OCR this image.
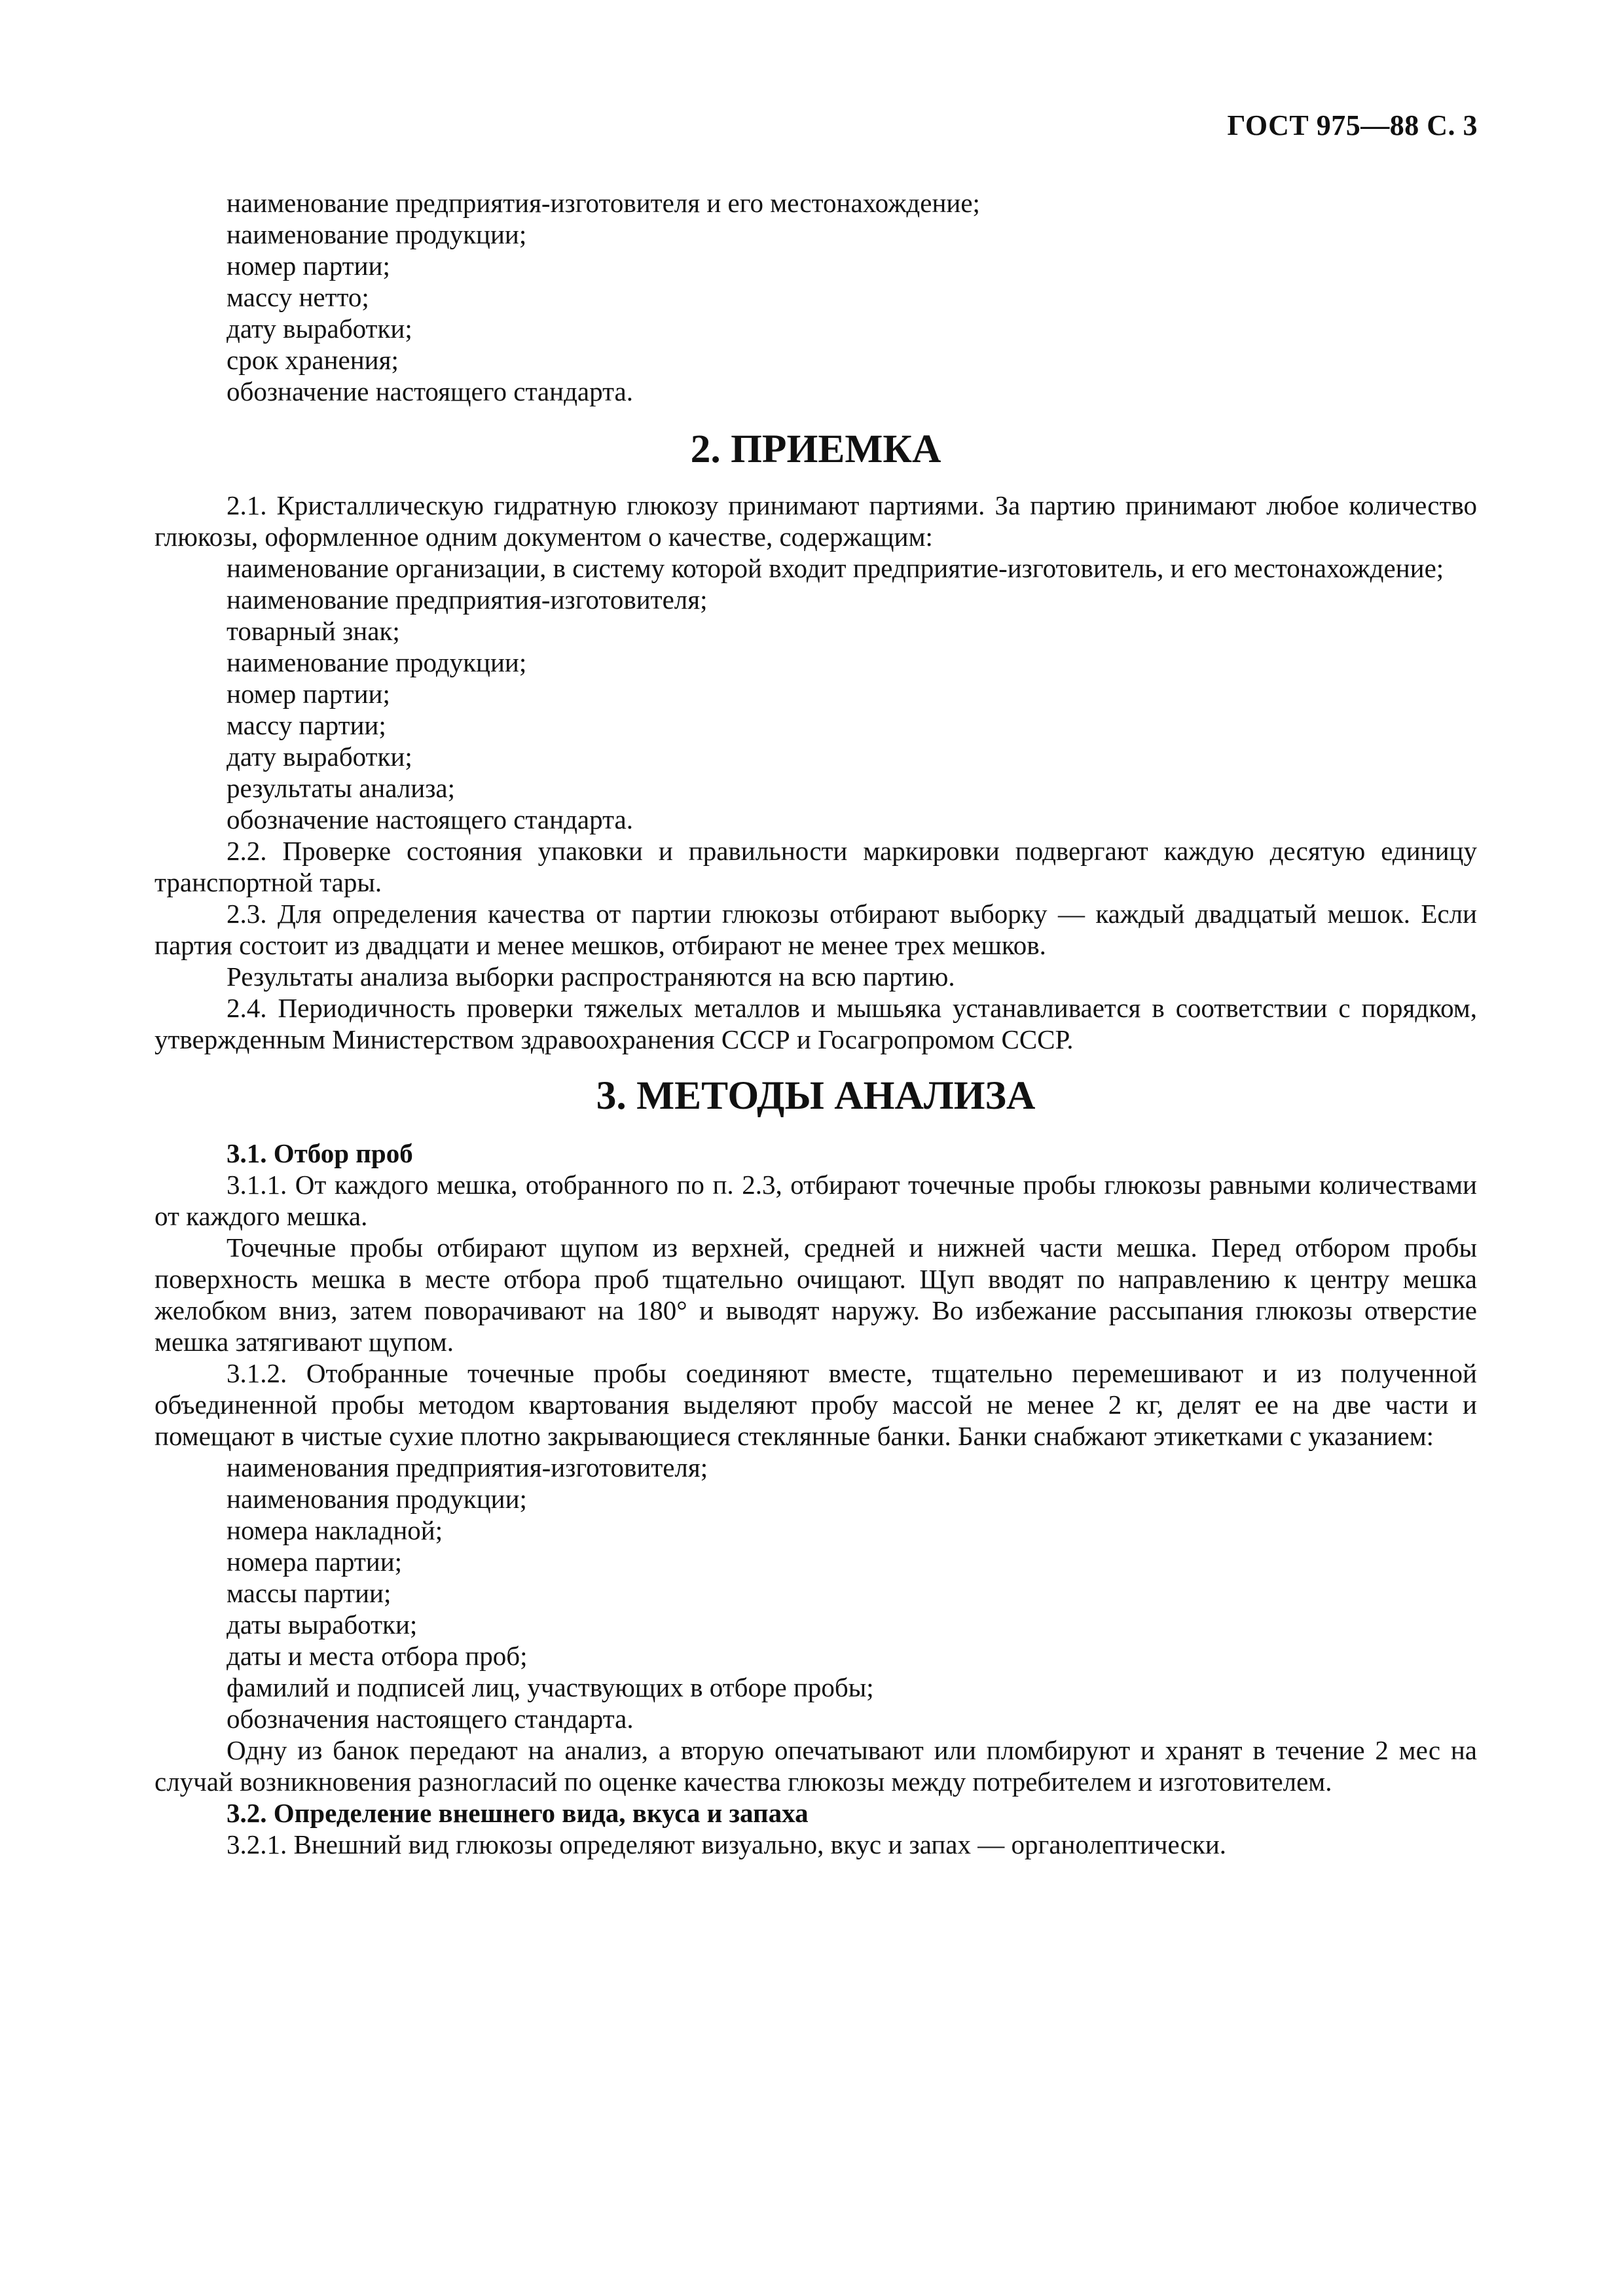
ГОСТ 975—88 С. 3

наименование предприятия-изготовителя и его местонахождение;

наименование продукции;

номер партии;

массу нетто;

дату выработки;

срок хранения;

обозначение настоящего стандарта.

2. ПРИЕМКА

2.1. Кристаллическую гидратную глюкозу принимают партиями. За партию принимают любое количество глюкозы, оформленное одним документом о качестве, содержащим:

наименование организации, в систему которой входит предприятие-изготовитель, и его местонахождение;

наименование предприятия-изготовителя;

товарный знак;

наименование продукции;

номер партии;

массу партии;

дату выработки;

результаты анализа;

обозначение настоящего стандарта.

2.2. Проверке состояния упаковки и правильности маркировки подвергают каждую десятую единицу транспортной тары.

2.3. Для определения качества от партии глюкозы отбирают выборку — каждый двадцатый мешок. Если партия состоит из двадцати и менее мешков, отбирают не менее трех мешков.

Результаты анализа выборки распространяются на всю партию.

2.4. Периодичность проверки тяжелых металлов и мышьяка устанавливается в соответствии с порядком, утвержденным Министерством здравоохранения СССР и Госагропромом СССР.

3. МЕТОДЫ АНАЛИЗА

3.1. Отбор проб

3.1.1. От каждого мешка, отобранного по п. 2.3, отбирают точечные пробы глюкозы равными количествами от каждого мешка.

Точечные пробы отбирают щупом из верхней, средней и нижней части мешка. Перед отбором пробы поверхность мешка в месте отбора проб тщательно очищают. Щуп вводят по направлению к центру мешка желобком вниз, затем поворачивают на 180° и выводят наружу. Во избежание рассыпания глюкозы отверстие мешка затягивают щупом.

3.1.2. Отобранные точечные пробы соединяют вместе, тщательно перемешивают и из полученной объединенной пробы методом квартования выделяют пробу массой не менее 2 кг, делят ее на две части и помещают в чистые сухие плотно закрывающиеся стеклянные банки. Банки снабжают этикетками с указанием:

наименования предприятия-изготовителя;

наименования продукции;

номера накладной;

номера партии;

массы партии;

даты выработки;

даты и места отбора проб;

фамилий и подписей лиц, участвующих в отборе пробы;

обозначения настоящего стандарта.

Одну из банок передают на анализ, а вторую опечатывают или пломбируют и хранят в течение 2 мес на случай возникновения разногласий по оценке качества глюкозы между потребителем и изготовителем.

3.2. Определение внешнего вида, вкуса и запаха

3.2.1. Внешний вид глюкозы определяют визуально, вкус и запах — органолептически.
